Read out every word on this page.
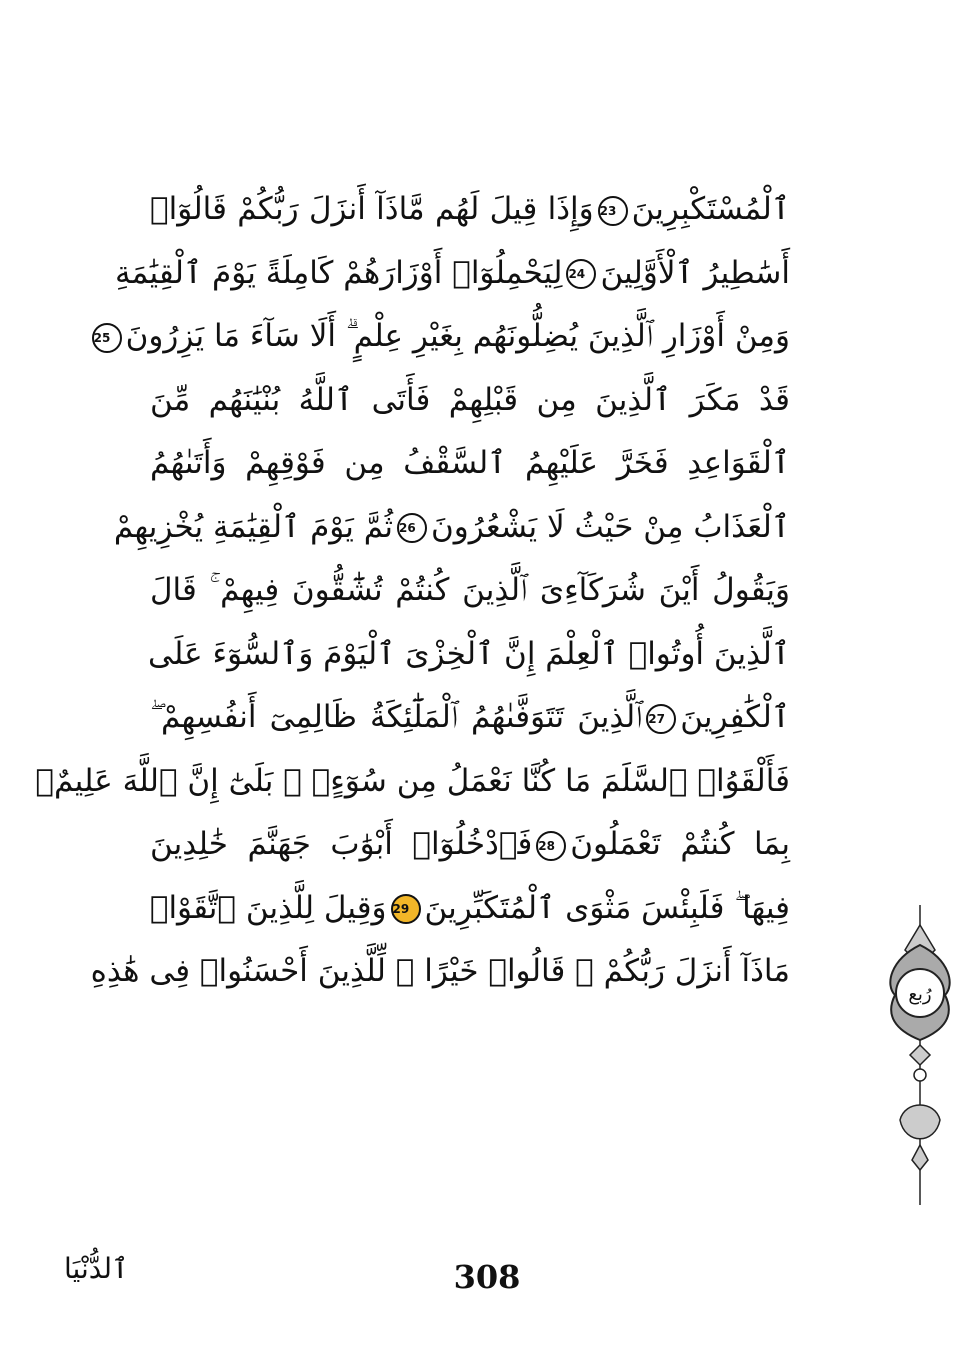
ٱلْمُسْتَكْبِرِينَ23وَإِذَا قِيلَ لَهُم مَّاذَآ أَنزَلَ رَبُّكُمْ قَالُوٓا۟
أَسَٰطِيرُ ٱلْأَوَّلِينَ24لِيَحْمِلُوٓا۟ أَوْزَارَهُمْ كَامِلَةً يَوْمَ ٱلْقِيَٰمَةِ
وَمِنْ أَوْزَارِ ٱلَّذِينَ يُضِلُّونَهُم بِغَيْرِ عِلْمٍ ۗ أَلَا سَآءَ مَا يَزِرُونَ25
قَدْ مَكَرَ ٱلَّذِينَ مِن قَبْلِهِمْ فَأَتَى ٱللَّهُ بُنْيَٰنَهُم مِّنَ
ٱلْقَوَاعِدِ فَخَرَّ عَلَيْهِمُ ٱلسَّقْفُ مِن فَوْقِهِمْ وَأَتَىٰهُمُ
ٱلْعَذَابُ مِنْ حَيْثُ لَا يَشْعُرُونَ26ثُمَّ يَوْمَ ٱلْقِيَٰمَةِ يُخْزِيهِمْ
وَيَقُولُ أَيْنَ شُرَكَآءِىَ ٱلَّذِينَ كُنتُمْ تُشَٰٓقُّونَ فِيهِمْ ۚ قَالَ
ٱلَّذِينَ أُوتُوا۟ ٱلْعِلْمَ إِنَّ ٱلْخِزْىَ ٱلْيَوْمَ وَٱلسُّوٓءَ عَلَى
ٱلْكَٰفِرِينَ27ٱلَّذِينَ تَتَوَفَّىٰهُمُ ٱلْمَلَٰٓئِكَةُ ظَالِمِىٓ أَنفُسِهِمْ ۖ
فَأَلْقَوُا۟ ٱلسَّلَمَ مَا كُنَّا نَعْمَلُ مِن سُوٓءٍۭ ۚ بَلَىٰٓ إِنَّ ٱللَّهَ عَلِيمٌۢ
بِمَا كُنتُمْ تَعْمَلُونَ28فَٱدْخُلُوٓا۟ أَبْوَٰبَ جَهَنَّمَ خَٰلِدِينَ
فِيهَا ۖ فَلَبِئْسَ مَثْوَى ٱلْمُتَكَبِّرِينَ29وَقِيلَ لِلَّذِينَ ٱتَّقَوْا۟
مَاذَآ أَنزَلَ رَبُّكُمْ ۚ قَالُوا۟ خَيْرًا ۗ لِّلَّذِينَ أَحْسَنُوا۟ فِى هَٰذِهِ
رُبع
308
ٱلدُّنْيَا
